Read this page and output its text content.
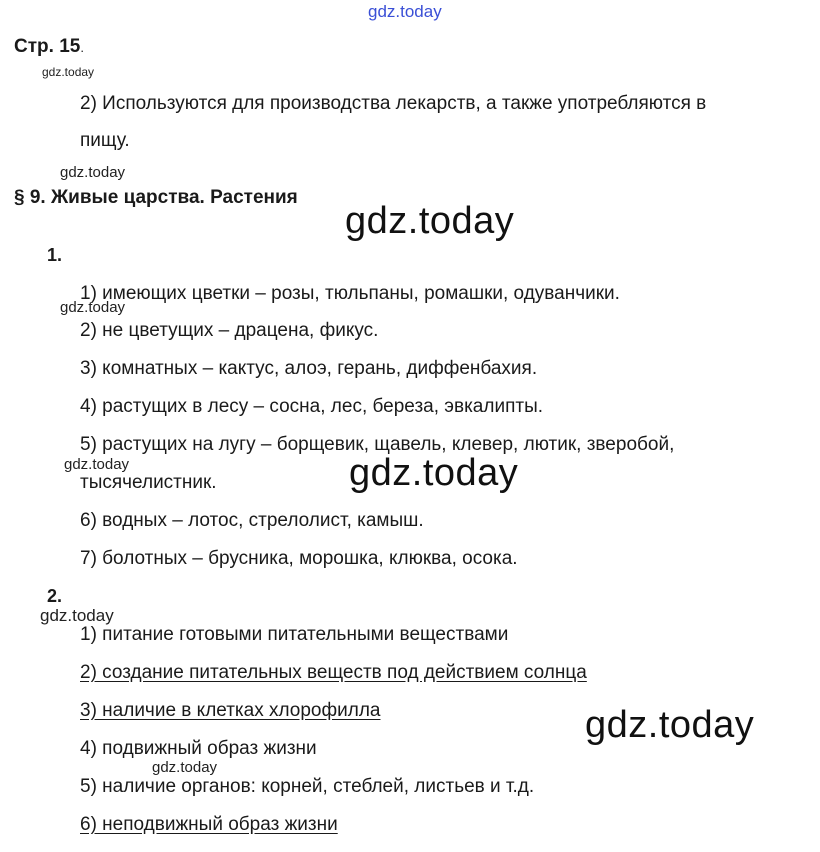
gdz.today
gdz.today
gdz.today
gdz.today
gdz.today
gdz.today	gdz.today
gdz.today
gdz.today
gdz.today
Стр. 15.
2) Используются для производства лекарств, а также употребляются в
пищу.
§ 9. Живые царства. Растения
1.
1) имеющих цветки – розы, тюльпаны, ромашки, одуванчики.
2) не цветущих – драцена, фикус.
3) комнатных – кактус, алоэ, герань, диффенбахия.
4) растущих в лесу – сосна, лес, береза, эвкалипты.
5) растущих на лугу – борщевик, щавель, клевер, лютик, зверобой,
тысячелистник.
6) водных – лотос, стрелолист, камыш.
7) болотных – брусника, морошка, клюква, осока.
2.
1) питание готовыми питательными веществами
2) создание питательных веществ под действием солнца
3) наличие в клетках хлорофилла
4) подвижный образ жизни
5) наличие органов: корней, стеблей, листьев и т.д.
6) неподвижный образ жизни
